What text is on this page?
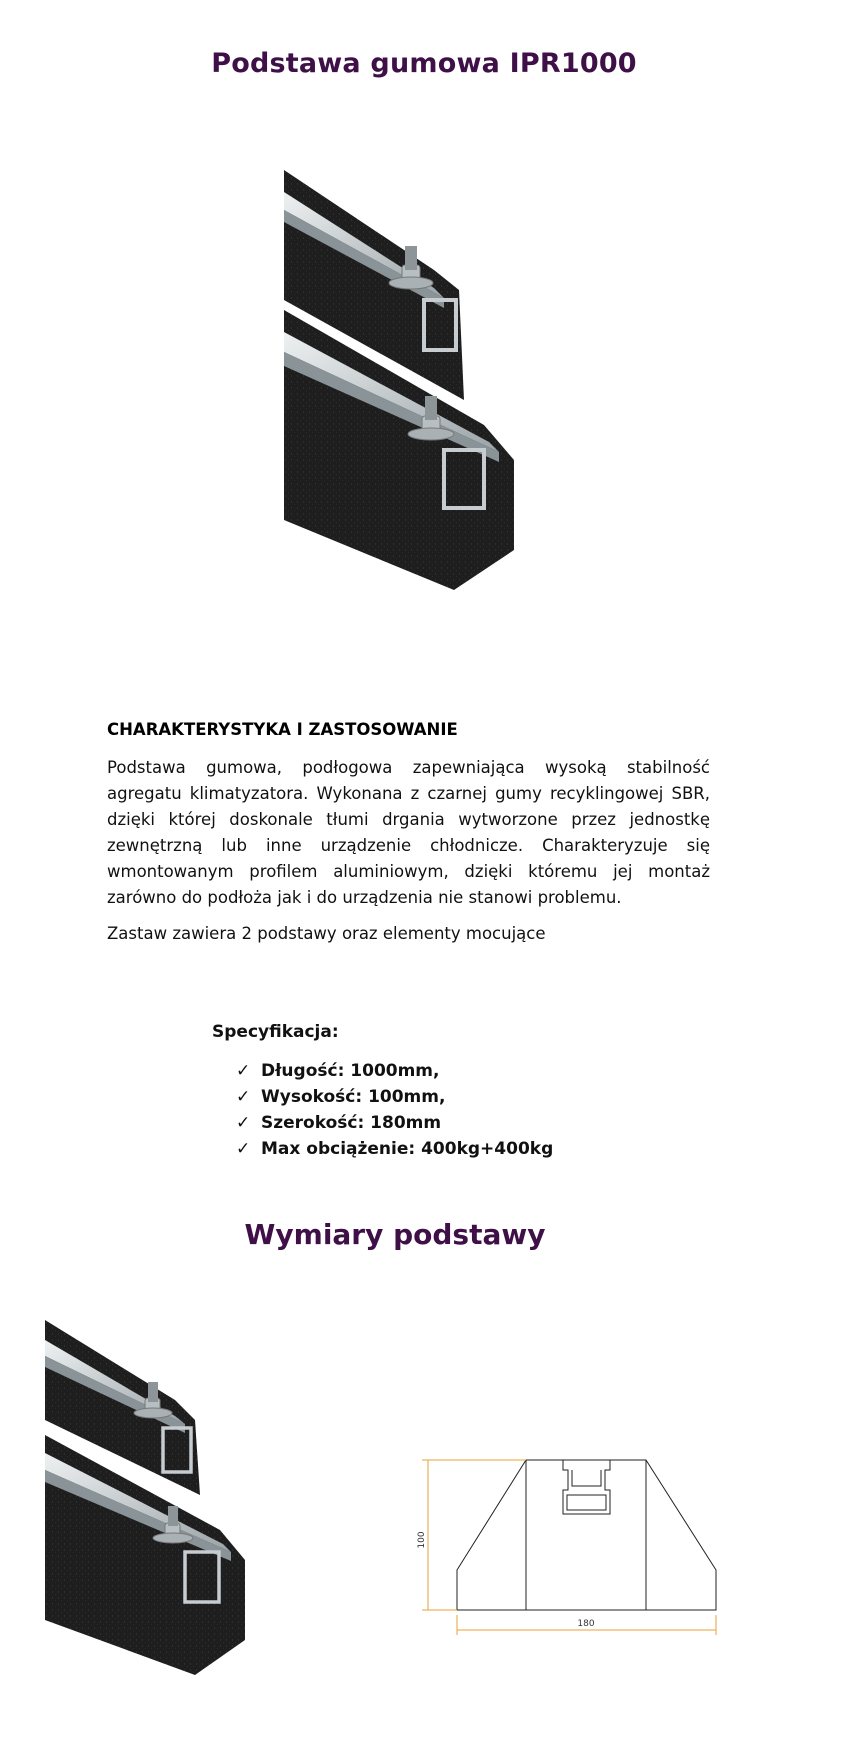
Podstawa gumowa IPR1000
CHARAKTERYSTYKA I ZASTOSOWANIE

Podstawa gumowa, podłogowa zapewniająca wysoką stabilność agregatu klimatyzatora. Wykonana z czarnej gumy recyklingowej SBR, dzięki której doskonale tłumi drgania wytworzone przez jednostkę zewnętrzną lub inne urządzenie chłodnicze. Charakteryzuje się wmontowanym profilem aluminiowym, dzięki któremu jej montaż zarówno do podłoża jak i do urządzenia nie stanowi problemu.

Zastaw zawiera 2 podstawy oraz elementy mocujące

Specyfikacja:

✓ Długość: 1000mm,
✓ Wysokość: 100mm,
✓ Szerokość: 180mm
✓ Max obciążenie: 400kg+400kg
Wymiary podstawy
100
180
